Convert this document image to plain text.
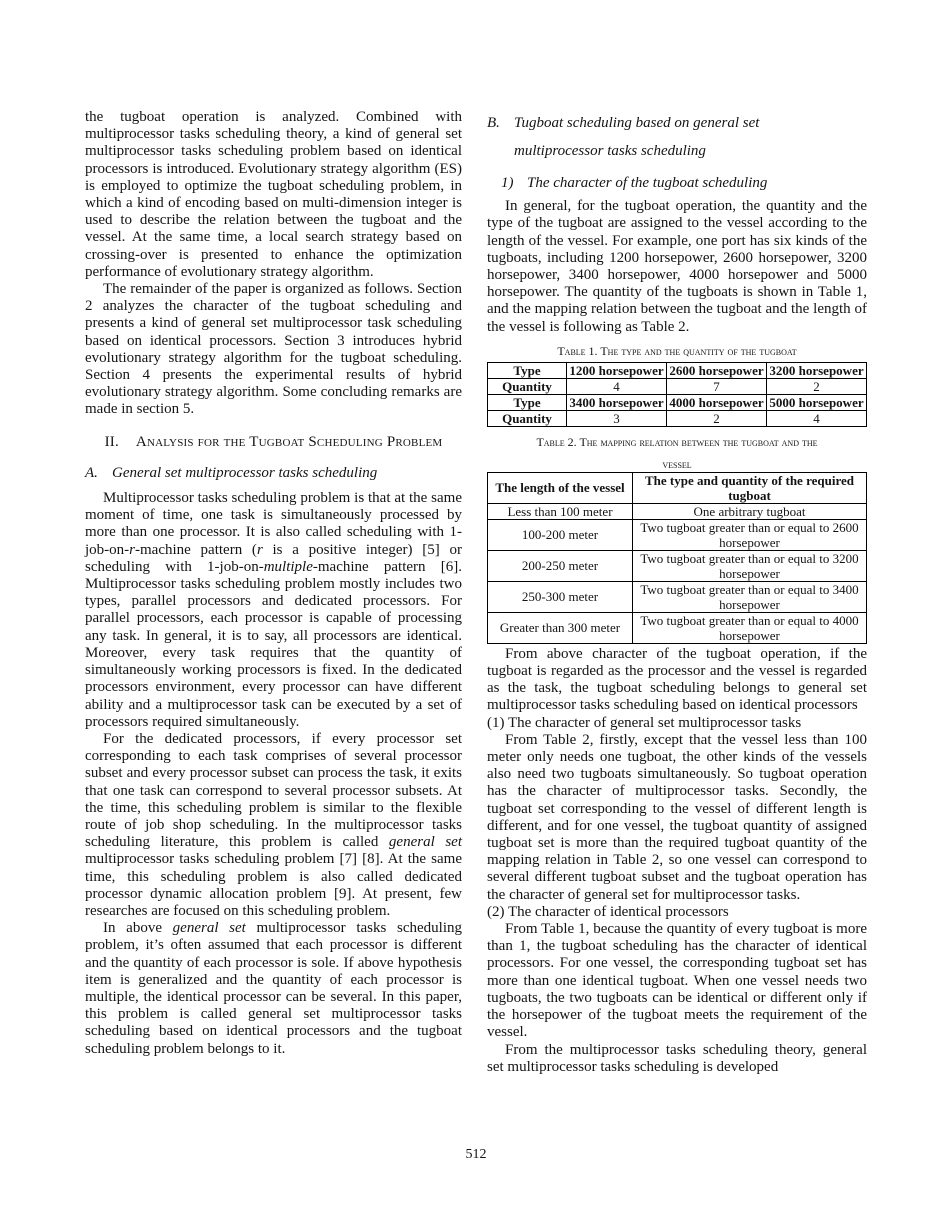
the tugboat operation is analyzed. Combined with multiprocessor tasks scheduling theory, a kind of general set multiprocessor tasks scheduling problem based on identical processors is introduced. Evolutionary strategy algorithm (ES) is employed to optimize the tugboat scheduling problem, in which a kind of encoding based on multi-dimension integer is used to describe the relation between the tugboat and the vessel. At the same time, a local search strategy based on crossing-over is presented to enhance the optimization performance of evolutionary strategy algorithm.

The remainder of the paper is organized as follows. Section 2 analyzes the character of the tugboat scheduling and presents a kind of general set multiprocessor task scheduling based on identical processors. Section 3 introduces hybrid evolutionary strategy algorithm for the tugboat scheduling. Section 4 presents the experimental results of hybrid evolutionary strategy algorithm. Some concluding remarks are made in section 5.

II. Analysis for the Tugboat Scheduling Problem
A. General set multiprocessor tasks scheduling

Multiprocessor tasks scheduling problem is that at the same moment of time, one task is simultaneously processed by more than one processor. It is also called scheduling with 1-job-on-r-machine pattern (r is a positive integer) [5] or scheduling with 1-job-on-multiple-machine pattern [6]. Multiprocessor tasks scheduling problem mostly includes two types, parallel processors and dedicated processors. For parallel processors, each processor is capable of processing any task. In general, it is to say, all processors are identical. Moreover, every task requires that the quantity of simultaneously working processors is fixed. In the dedicated processors environment, every processor can have different ability and a multiprocessor task can be executed by a set of processors required simultaneously.

For the dedicated processors, if every processor set corresponding to each task comprises of several processor subset and every processor subset can process the task, it exits that one task can correspond to several processor subsets. At the time, this scheduling problem is similar to the flexible route of job shop scheduling. In the multiprocessor tasks scheduling literature, this problem is called general set multiprocessor tasks scheduling problem [7] [8]. At the same time, this scheduling problem is also called dedicated processor dynamic allocation problem [9]. At present, few researches are focused on this scheduling problem.

In above general set multiprocessor tasks scheduling problem, it’s often assumed that each processor is different and the quantity of each processor is sole. If above hypothesis item is generalized and the quantity of each processor is multiple, the identical processor can be several. In this paper, this problem is called general set multiprocessor tasks scheduling based on identical processors and the tugboat scheduling problem belongs to it.

B. Tugboat scheduling based on general set
multiprocessor tasks scheduling
1) The character of the tugboat scheduling

In general, for the tugboat operation, the quantity and the type of the tugboat are assigned to the vessel according to the length of the vessel. For example, one port has six kinds of the tugboats, including 1200 horsepower, 2600 horsepower, 3200 horsepower, 3400 horsepower, 4000 horsepower and 5000 horsepower. The quantity of the tugboats is shown in Table 1, and the mapping relation between the tugboat and the length of the vessel is following as Table 2.

Table 1. The type and the quantity of the tugboat
Type	1200 horsepower	2600 horsepower	3200 horsepower
Quantity	4	7	2
Type	3400 horsepower	4000 horsepower	5000 horsepower
Quantity	3	2	4
Table 2. The mapping relation between the tugboat and the
vessel
The length of the vessel	The type and quantity of the required tugboat
Less than 100 meter	One arbitrary tugboat
100-200 meter	Two tugboat greater than or equal to 2600 horsepower
200-250 meter	Two tugboat greater than or equal to 3200 horsepower
250-300 meter	Two tugboat greater than or equal to 3400 horsepower
Greater than 300 meter	Two tugboat greater than or equal to 4000 horsepower

From above character of the tugboat operation, if the tugboat is regarded as the processor and the vessel is regarded as the task, the tugboat scheduling belongs to general set multiprocessor tasks scheduling based on identical processors

(1) The character of general set multiprocessor tasks

From Table 2, firstly, except that the vessel less than 100 meter only needs one tugboat, the other kinds of the vessels also need two tugboats simultaneously. So tugboat operation has the character of multiprocessor tasks. Secondly, the tugboat set corresponding to the vessel of different length is different, and for one vessel, the tugboat quantity of assigned tugboat set is more than the required tugboat quantity of the mapping relation in Table 2, so one vessel can correspond to several different tugboat subset and the tugboat operation has the character of general set for multiprocessor tasks.

(2) The character of identical processors

From Table 1, because the quantity of every tugboat is more than 1, the tugboat scheduling has the character of identical processors. For one vessel, the corresponding tugboat set has more than one identical tugboat. When one vessel needs two tugboats, the two tugboats can be identical or different only if the horsepower of the tugboat meets the requirement of the vessel.

From the multiprocessor tasks scheduling theory, general set multiprocessor tasks scheduling is developed

512
